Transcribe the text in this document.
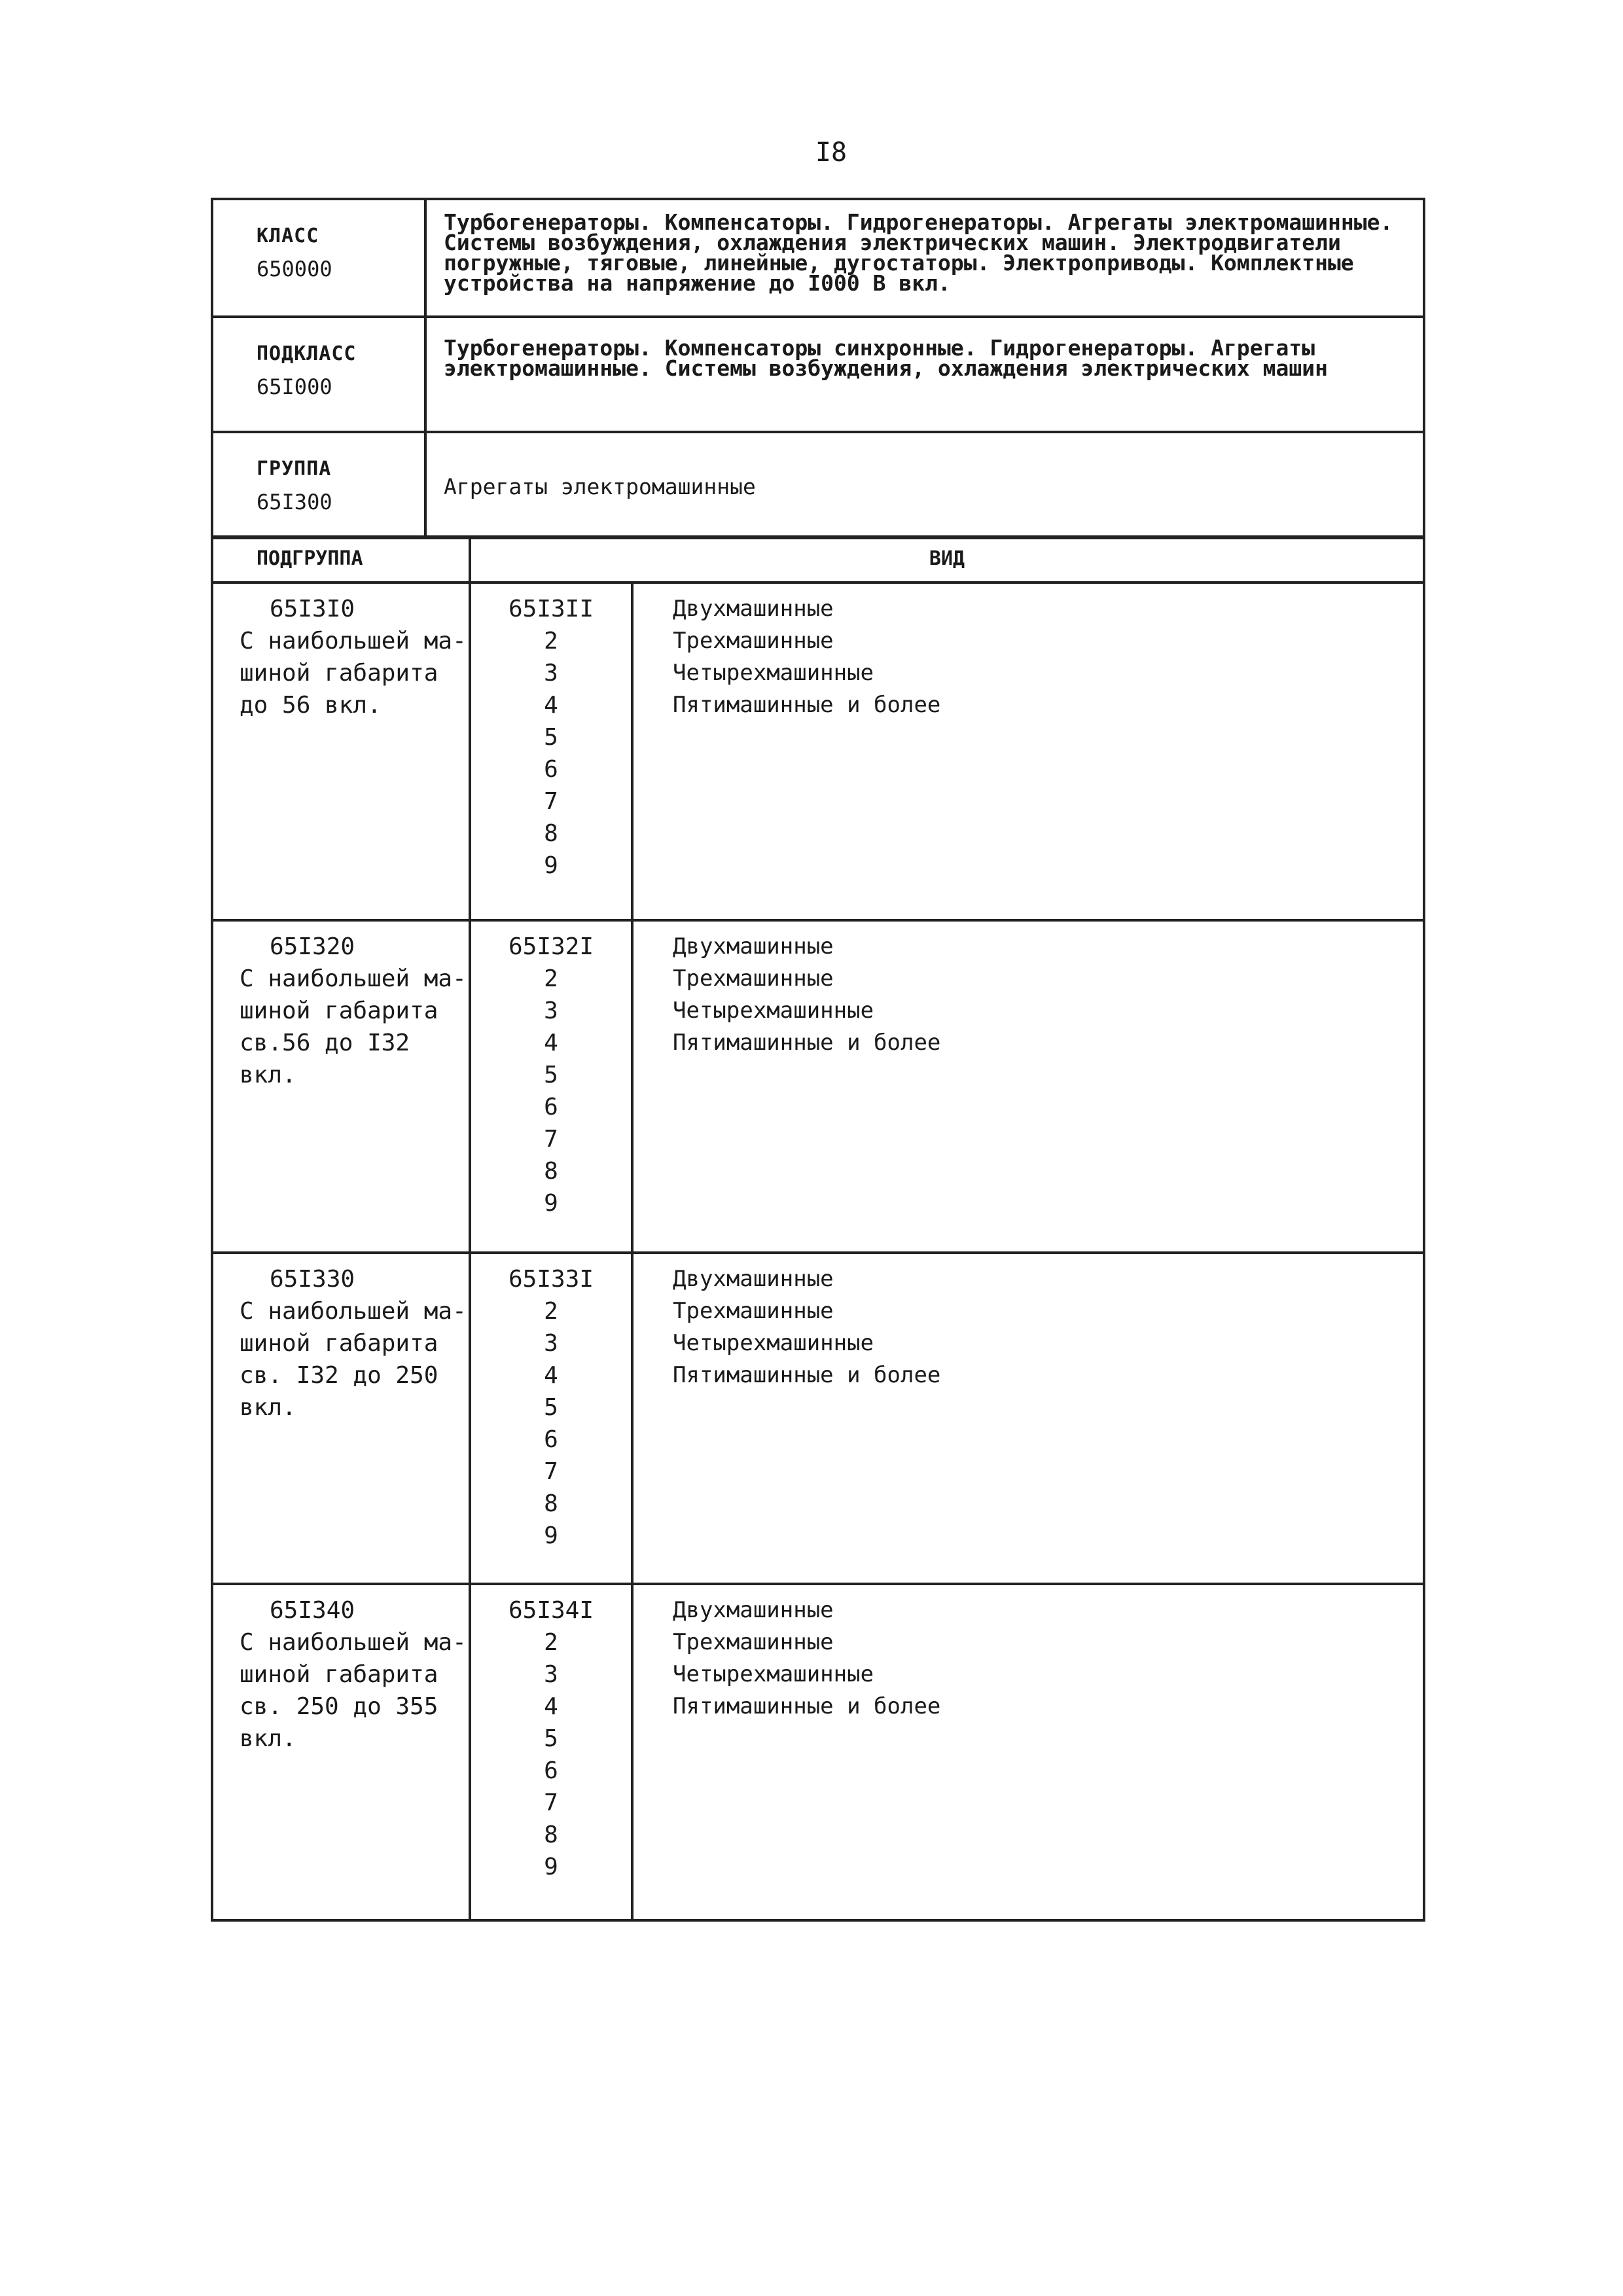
I8
КЛАСС
650000
Турбогенераторы. Компенсаторы. Гидрогенераторы. Агрегаты электромашинные. Системы возбуждения, охлаждения электрических машин. Электродвигатели погружные, тяговые, линейные, дугостаторы. Электроприводы. Комплектные устройства на напряжение до I000 В вкл.
ПОДКЛАСС
65I000
Турбогенераторы. Компенсаторы синхронные. Гидрогенераторы. Агрегаты электромашинные. Системы возбуждения, охлаждения электрических машин
ГРУППА
65I300
Агрегаты электромашинные
ПОДГРУППА	ВИД
65I3I0
С наибольшей ма-
шиной габарита
до 56 вкл.
65I3II
2
3
4
5
6
7
8
9
Двухмашинные
Трехмашинные
Четырехмашинные
Пятимашинные и более
65I320
С наибольшей ма-
шиной габарита
св.56 до I32 вкл.
65I32I
2
3
4
5
6
7
8
9
Двухмашинные
Трехмашинные
Четырехмашинные
Пятимашинные и более
65I330
С наибольшей ма-
шиной габарита
св. I32 до 250
вкл.
65I33I
2
3
4
5
6
7
8
9
Двухмашинные
Трехмашинные
Четырехмашинные
Пятимашинные и более
65I340
С наибольшей ма-
шиной габарита
св. 250 до 355
вкл.
65I34I
2
3
4
5
6
7
8
9
Двухмашинные
Трехмашинные
Четырехмашинные
Пятимашинные и более
